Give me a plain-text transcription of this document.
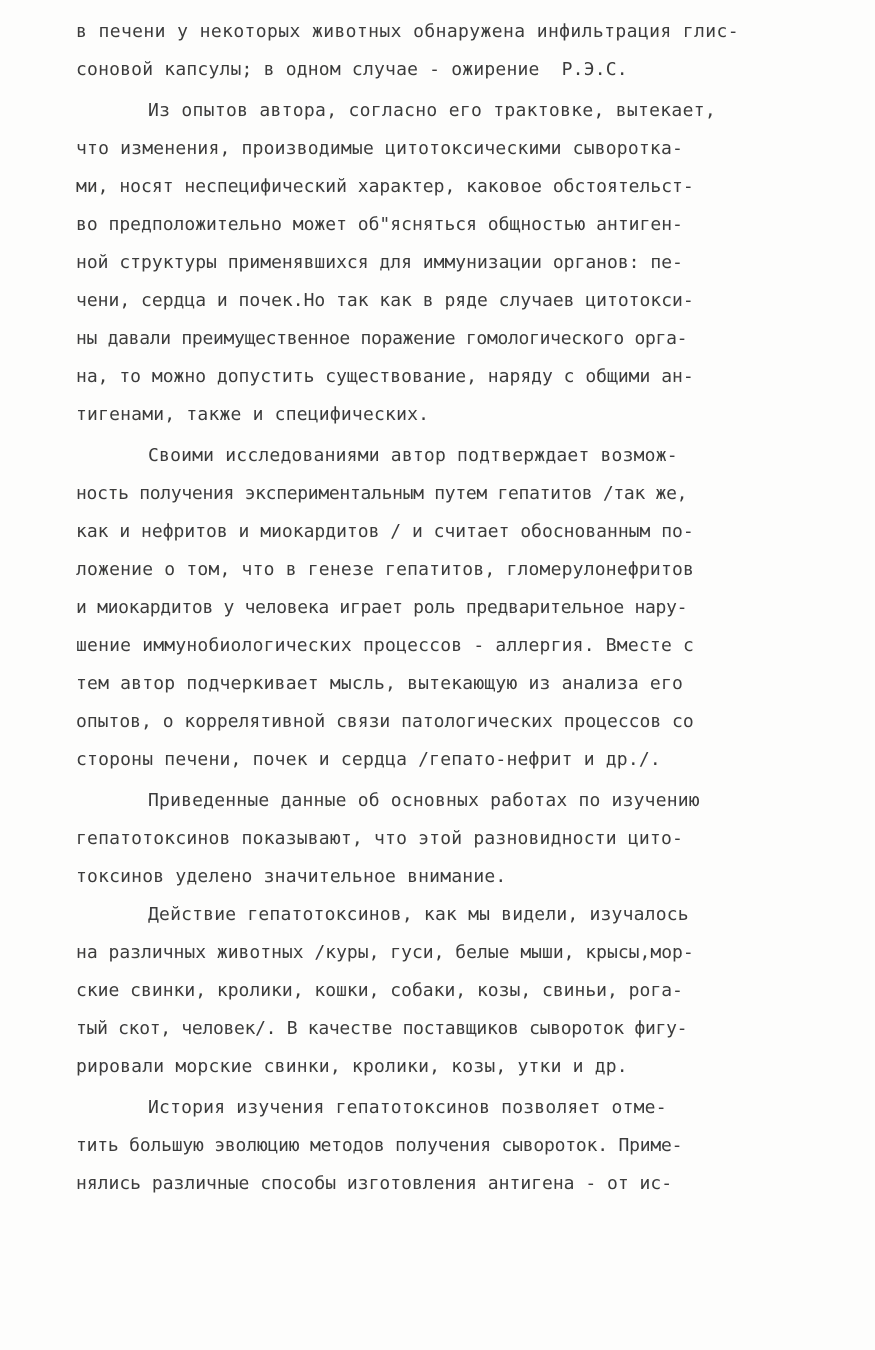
в печени у некоторых животных обнаружена инфильтрация глис-

соновой капсулы; в одном случае - ожирение  Р.Э.С.

Из опытов автора, согласно его трактовке, вытекает,

что изменения, производимые цитотоксическими сыворотка-

ми, носят неспецифический характер, каковое обстоятельст-

во предположительно может об"ясняться общностью антиген-

ной структуры применявшихся для иммунизации органов: пе-

чени, сердца и почек.Но так как в ряде случаев цитотокси-

ны давали преимущественное поражение гомологического орга-

на, то можно допустить существование, наряду с общими ан-

тигенами, также и специфических.

Своими исследованиями автор подтверждает возмож-

ность получения экспериментальным путем гепатитов /так же,

как и нефритов и миокардитов / и считает обоснованным по-

ложение о том, что в генезе гепатитов, гломерулонефритов

и миокардитов у человека играет роль предварительное нару-

шение иммунобиологических процессов - аллергия. Вместе с

тем автор подчеркивает мысль, вытекающую из анализа его

опытов, о коррелятивной связи патологических процессов со

стороны печени, почек и сердца /гепато-нефрит и др./.

Приведенные данные об основных работах по изучению

гепатотоксинов показывают, что этой разновидности цито-

токсинов уделено значительное внимание.

Действие гепатотоксинов, как мы видели, изучалось

на различных животных /куры, гуси, белые мыши, крысы,мор-

ские свинки, кролики, кошки, собаки, козы, свиньи, рога-

тый скот, человек/. В качестве поставщиков сывороток фигу-

рировали морские свинки, кролики, козы, утки и др.

История изучения гепатотоксинов позволяет отме-

тить большую эволюцию методов получения сывороток. Приме-

нялись различные способы изготовления антигена - от ис-
